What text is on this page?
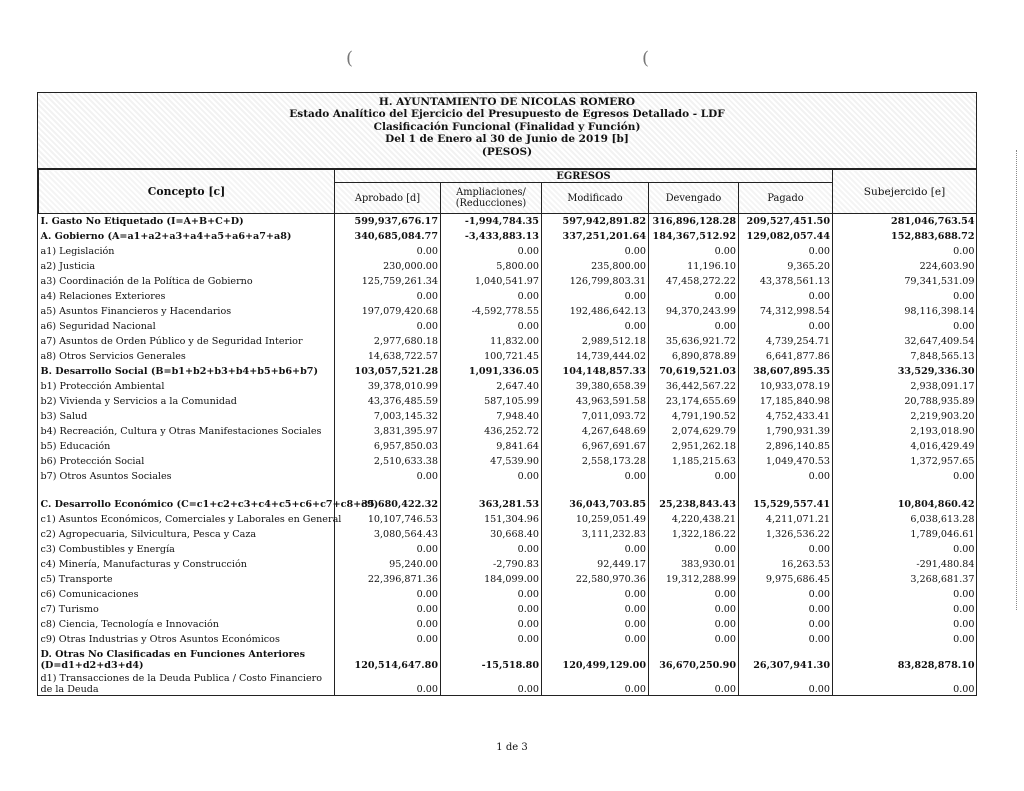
(	(
H. AYUNTAMIENTO DE NICOLAS ROMERO
Estado Analítico del Ejercicio del Presupuesto de Egresos Detallado - LDF
Clasificación Funcional (Finalidad y Función)
Del 1 de Enero al 30 de Junio de 2019 [b]
(PESOS)
Concepto [c]	EGRESOS					Subejercido [e]
	Aprobado [d]	Ampliaciones/ (Reducciones)	Modificado	Devengado	Pagado	
I. Gasto No Etiquetado (I=A+B+C+D)	599,937,676.17	-1,994,784.35	597,942,891.82	316,896,128.28	209,527,451.50	281,046,763.54
A. Gobierno (A=a1+a2+a3+a4+a5+a6+a7+a8)	340,685,084.77	-3,433,883.13	337,251,201.64	184,367,512.92	129,082,057.44	152,883,688.72
a1) Legislación	0.00	0.00	0.00	0.00	0.00	0.00
a2) Justicia	230,000.00	5,800.00	235,800.00	11,196.10	9,365.20	224,603.90
a3) Coordinación de la Política de Gobierno	125,759,261.34	1,040,541.97	126,799,803.31	47,458,272.22	43,378,561.13	79,341,531.09
a4) Relaciones Exteriores	0.00	0.00	0.00	0.00	0.00	0.00
a5) Asuntos Financieros y Hacendarios	197,079,420.68	-4,592,778.55	192,486,642.13	94,370,243.99	74,312,998.54	98,116,398.14
a6) Seguridad Nacional	0.00	0.00	0.00	0.00	0.00	0.00
a7) Asuntos de Orden Público y de Seguridad Interior	2,977,680.18	11,832.00	2,989,512.18	35,636,921.72	4,739,254.71	32,647,409.54
a8) Otros Servicios Generales	14,638,722.57	100,721.45	14,739,444.02	6,890,878.89	6,641,877.86	7,848,565.13
B. Desarrollo Social (B=b1+b2+b3+b4+b5+b6+b7)	103,057,521.28	1,091,336.05	104,148,857.33	70,619,521.03	38,607,895.35	33,529,336.30
b1) Protección Ambiental	39,378,010.99	2,647.40	39,380,658.39	36,442,567.22	10,933,078.19	2,938,091.17
b2) Vivienda y Servicios a la Comunidad	43,376,485.59	587,105.99	43,963,591.58	23,174,655.69	17,185,840.98	20,788,935.89
b3) Salud	7,003,145.32	7,948.40	7,011,093.72	4,791,190.52	4,752,433.41	2,219,903.20
b4) Recreación, Cultura y Otras Manifestaciones Sociales	3,831,395.97	436,252.72	4,267,648.69	2,074,629.79	1,790,931.39	2,193,018.90
b5) Educación	6,957,850.03	9,841.64	6,967,691.67	2,951,262.18	2,896,140.85	4,016,429.49
b6) Protección Social	2,510,633.38	47,539.90	2,558,173.28	1,185,215.63	1,049,470.53	1,372,957.65
b7) Otros Asuntos Sociales	0.00	0.00	0.00	0.00	0.00	0.00

C. Desarrollo Económico (C=c1+c2+c3+c4+c5+c6+c7+c8+c9)	35,680,422.32	363,281.53	36,043,703.85	25,238,843.43	15,529,557.41	10,804,860.42
c1) Asuntos Económicos, Comerciales y Laborales en General	10,107,746.53	151,304.96	10,259,051.49	4,220,438.21	4,211,071.21	6,038,613.28
c2) Agropecuaria, Silvicultura, Pesca y Caza	3,080,564.43	30,668.40	3,111,232.83	1,322,186.22	1,326,536.22	1,789,046.61
c3) Combustibles y Energía	0.00	0.00	0.00	0.00	0.00	0.00
c4) Minería, Manufacturas y Construcción	95,240.00	-2,790.83	92,449.17	383,930.01	16,263.53	-291,480.84
c5) Transporte	22,396,871.36	184,099.00	22,580,970.36	19,312,288.99	9,975,686.45	3,268,681.37
c6) Comunicaciones	0.00	0.00	0.00	0.00	0.00	0.00
c7) Turismo	0.00	0.00	0.00	0.00	0.00	0.00
c8) Ciencia, Tecnología e Innovación	0.00	0.00	0.00	0.00	0.00	0.00
c9) Otras Industrias y Otros Asuntos Económicos	0.00	0.00	0.00	0.00	0.00	0.00
D. Otras No Clasificadas en Funciones Anteriores (D=d1+d2+d3+d4)	120,514,647.80	-15,518.80	120,499,129.00	36,670,250.90	26,307,941.30	83,828,878.10
d1) Transacciones de la Deuda Publica / Costo Financiero de la Deuda	0.00	0.00	0.00	0.00	0.00	0.00
1 de 3
